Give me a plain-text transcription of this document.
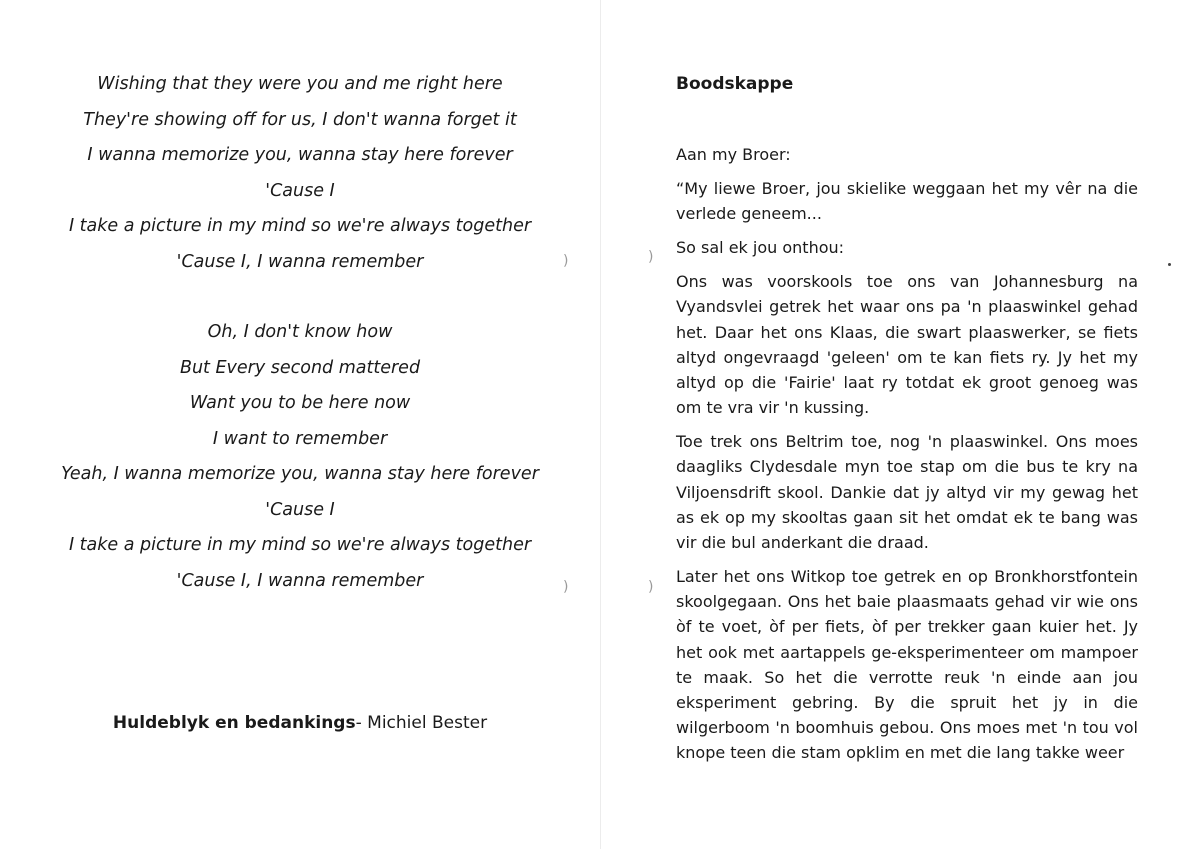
Wishing that they were you and me right here
They're showing off for us, I don't wanna forget it
I wanna memorize you, wanna stay here forever
'Cause I
I take a picture in my mind so we're always together
'Cause I, I wanna remember
Oh, I don't know how
But Every second mattered
Want you to be here now
I want to remember
Yeah, I wanna memorize you, wanna stay here forever
'Cause I
I take a picture in my mind so we're always together
'Cause I, I wanna remember
Huldeblyk en bedankings- Michiel Bester
)
)
)
)
Boodskappe

Aan my Broer:

“My liewe Broer, jou skielike weggaan het my vêr na die verlede geneem...

So sal ek jou onthou:

Ons was voorskools toe ons van Johannesburg na Vyandsvlei getrek het waar ons pa 'n plaaswinkel gehad het. Daar het ons Klaas, die swart plaaswerker, se fiets altyd ongevraagd 'geleen' om te kan fiets ry. Jy het my altyd op die 'Fairie' laat ry totdat ek groot genoeg was om te vra vir 'n kussing.

Toe trek ons Beltrim toe, nog 'n plaaswinkel. Ons moes daagliks Clydesdale myn toe stap om die bus te kry na Viljoensdrift skool. Dankie dat jy altyd vir my gewag het as ek op my skooltas gaan sit het omdat ek te bang was vir die bul anderkant die draad.

Later het ons Witkop toe getrek en op Bronkhorstfontein skoolgegaan. Ons het baie plaasmaats gehad vir wie ons òf te voet, òf per fiets, òf per trekker gaan kuier het. Jy het ook met aartappels ge-eksperimenteer om mampoer te maak. So het die verrotte reuk 'n einde aan jou eksperiment gebring. By die spruit het jy in die wilgerboom 'n boomhuis gebou. Ons moes met 'n tou vol knope teen die stam opklim en met die lang takke weer
